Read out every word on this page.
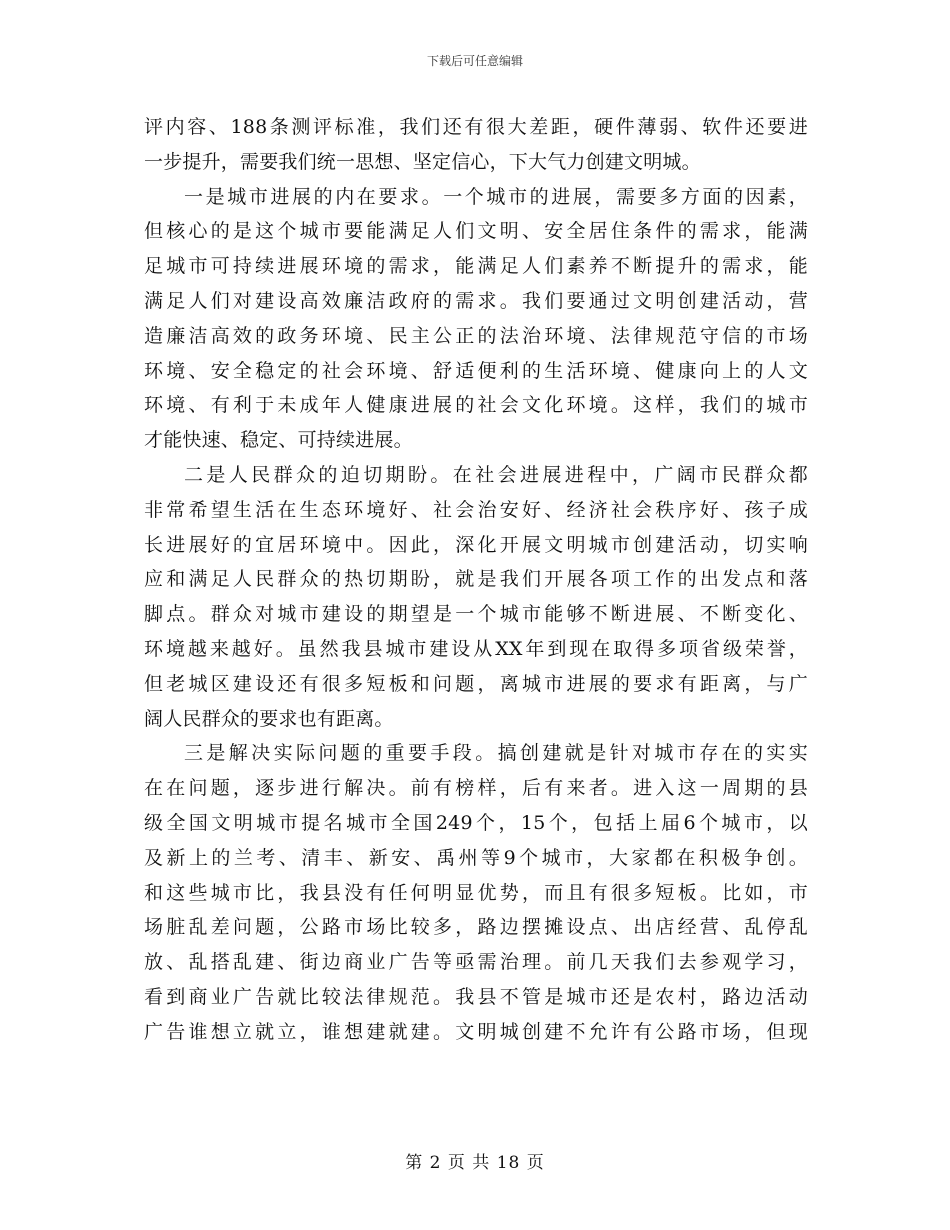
下载后可任意编辑
评内容、188条测评标准，我们还有很大差距，硬件薄弱、软件还要进
一步提升，需要我们统一思想、坚定信心，下大气力创建文明城。
一是城市进展的内在要求。一个城市的进展，需要多方面的因素，
但核心的是这个城市要能满足人们文明、安全居住条件的需求，能满
足城市可持续进展环境的需求，能满足人们素养不断提升的需求，能
满足人们对建设高效廉洁政府的需求。我们要通过文明创建活动，营
造廉洁高效的政务环境、民主公正的法治环境、法律规范守信的市场
环境、安全稳定的社会环境、舒适便利的生活环境、健康向上的人文
环境、有利于未成年人健康进展的社会文化环境。这样，我们的城市
才能快速、稳定、可持续进展。
二是人民群众的迫切期盼。在社会进展进程中，广阔市民群众都
非常希望生活在生态环境好、社会治安好、经济社会秩序好、孩子成
长进展好的宜居环境中。因此，深化开展文明城市创建活动，切实响
应和满足人民群众的热切期盼，就是我们开展各项工作的出发点和落
脚点。群众对城市建设的期望是一个城市能够不断进展、不断变化、
环境越来越好。虽然我县城市建设从XX年到现在取得多项省级荣誉，
但老城区建设还有很多短板和问题，离城市进展的要求有距离，与广
阔人民群众的要求也有距离。
三是解决实际问题的重要手段。搞创建就是针对城市存在的实实
在在问题，逐步进行解决。前有榜样，后有来者。进入这一周期的县
级全国文明城市提名城市全国249个，15个，包括上届6个城市，以
及新上的兰考、清丰、新安、禹州等9个城市，大家都在积极争创。
和这些城市比，我县没有任何明显优势，而且有很多短板。比如，市
场脏乱差问题，公路市场比较多，路边摆摊设点、出店经营、乱停乱
放、乱搭乱建、街边商业广告等亟需治理。前几天我们去参观学习，
看到商业广告就比较法律规范。我县不管是城市还是农村，路边活动
广告谁想立就立，谁想建就建。文明城创建不允许有公路市场，但现
第 2 页 共 18 页
